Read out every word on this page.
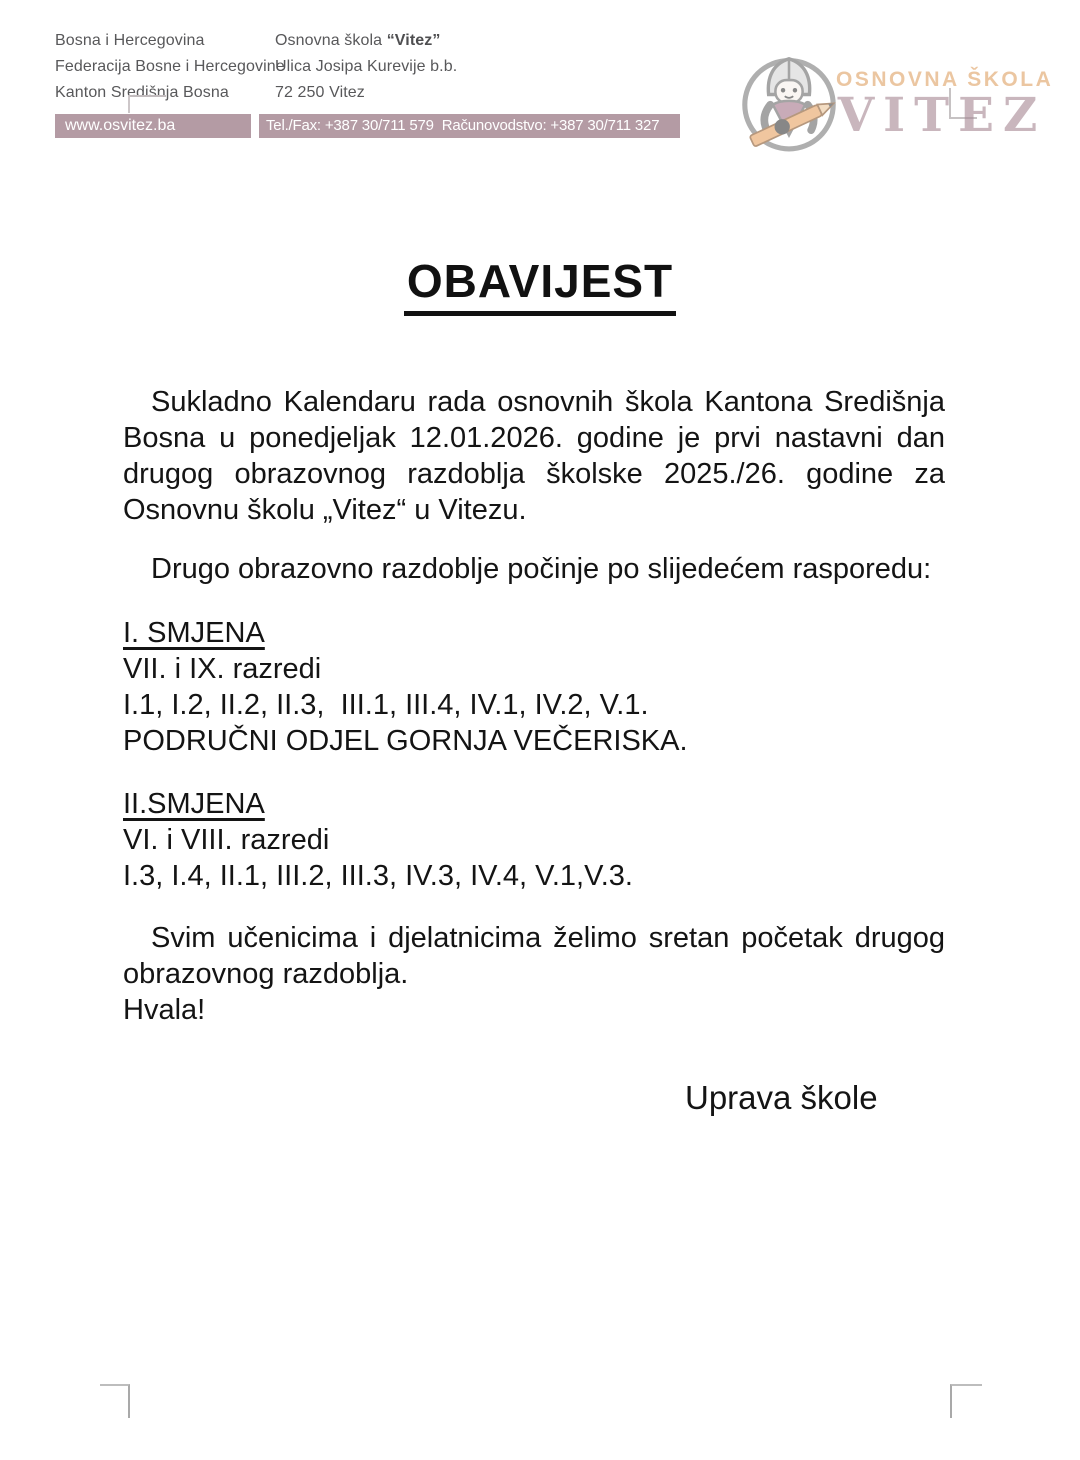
Bosna i Hercegovina
Federacija Bosne i Hercegovine
Kanton Središnja Bosna
Osnovna škola “Vitez”
Ulica Josipa Kurevije b.b.
72 250 Vitez
www.osvitez.ba	Tel./Fax: +387 30/711 579  Računovodstvo: +387 30/711 327
OSNOVNA ŠKOLA
VITEZ
OBAVIJEST

Sukladno Kalendaru rada osnovnih škola Kantona Središnja Bosna u ponedjeljak 12.01.2026. godine je prvi nastavni dan drugog obrazovnog razdoblja školske 2025./26. godine za Osnovnu školu „Vitez“ u Vitezu.

Drugo obrazovno razdoblje počinje po slijedećem rasporedu:

I. SMJENA
VII. i IX. razredi
I.1, I.2, II.2, II.3,  III.1, III.4, IV.1, IV.2, V.1.
PODRUČNI ODJEL GORNJA VEČERISKA.
II.SMJENA
VI. i VIII. razredi
I.3, I.4, II.1, III.2, III.3, IV.3, IV.4, V.1,V.3.

Svim učenicima i djelatnicima želimo sretan početak drugog obrazovnog razdoblja.

Hvala!

Uprava škole
